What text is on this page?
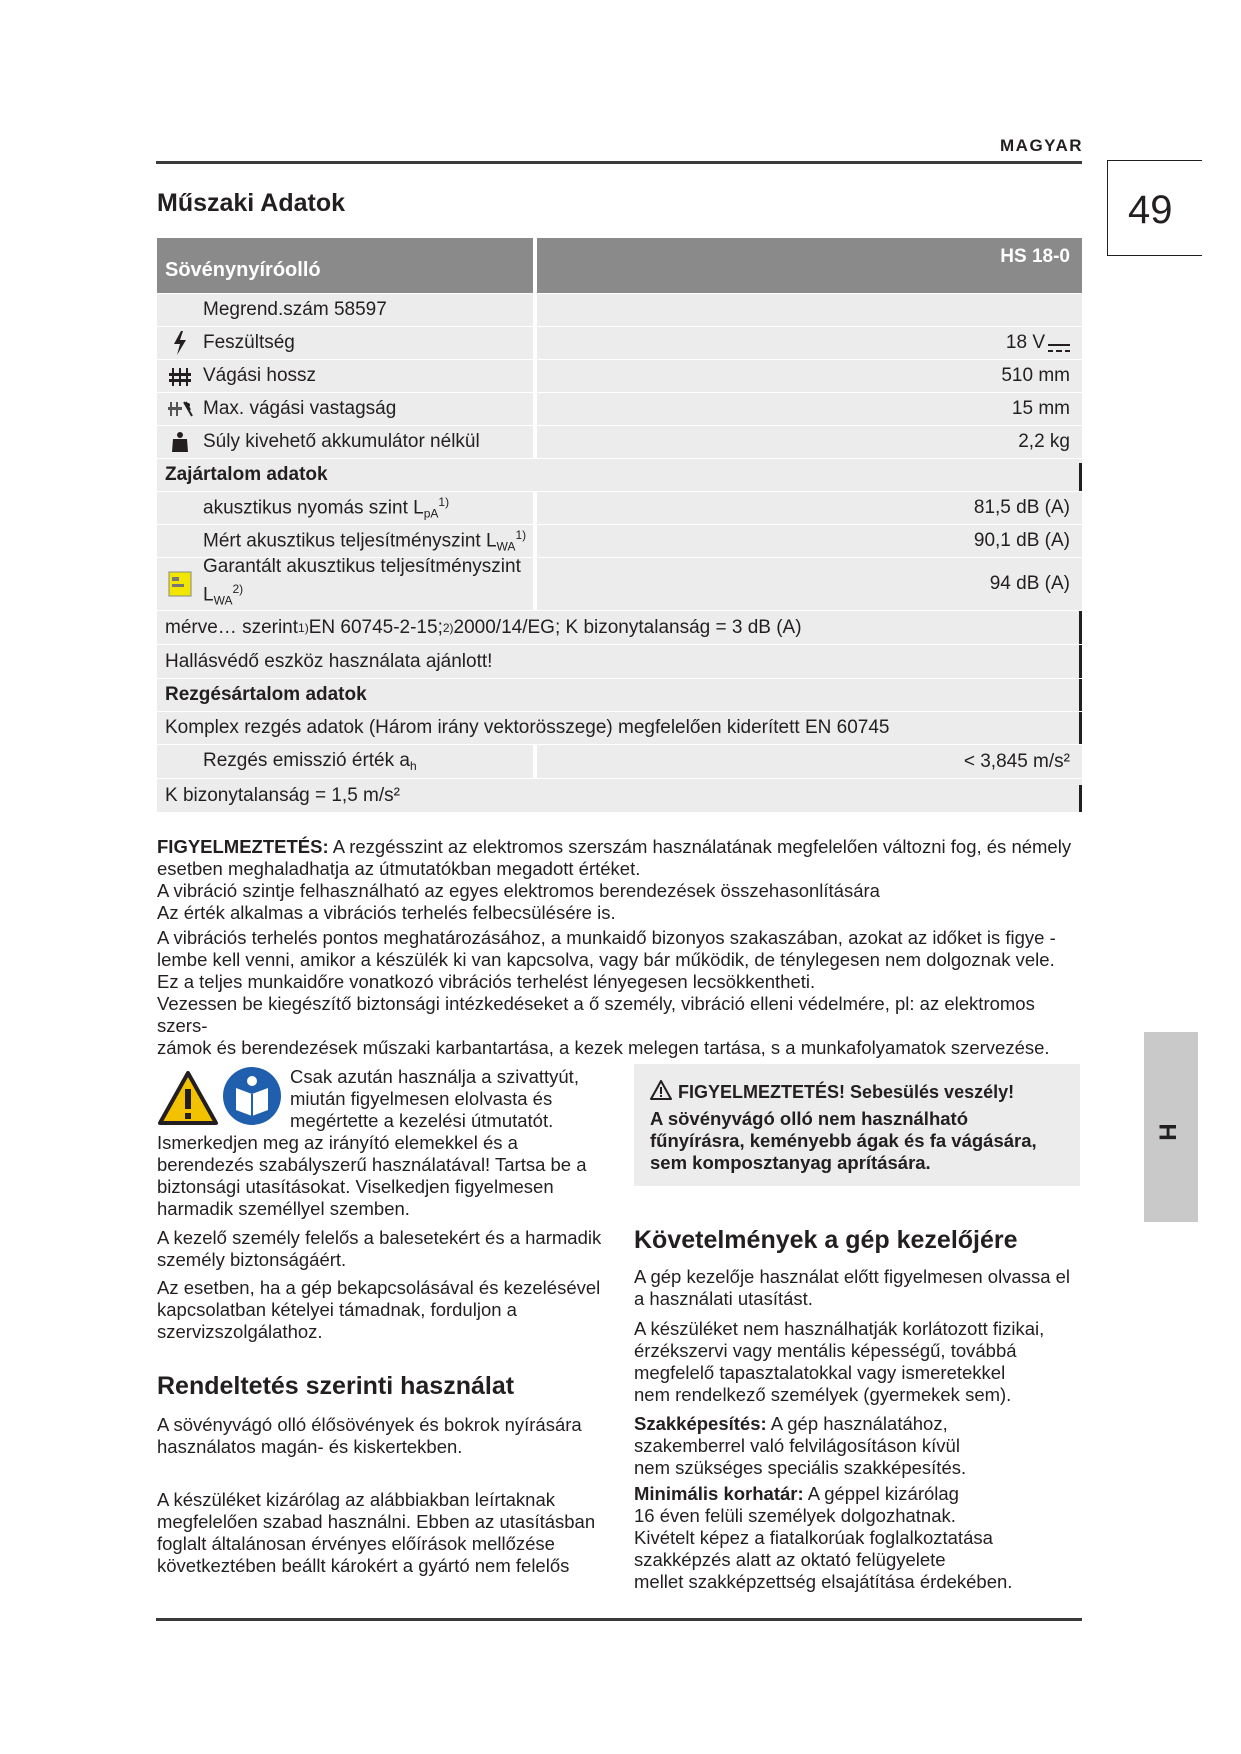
MAGYAR
49
Műszaki Adatok
Sövénynyíróolló
HS 18-0
Megrend.szám 58597
Feszültség	18 V
Vágási hossz	510 mm
Max. vágási vastagság	15 mm
Súly kivehető akkumulátor nélkül	2,2 kg
Zajártalom adatok
akusztikus nyomás szint $L_{pA}^{1)}$	81,5 dB (A)
Mért akusztikus teljesítményszint $L_{WA}^{1)}$	90,1 dB (A)
Garantált akusztikus teljesítményszint
$L_{WA}^{2)}$	94 dB (A)
mérve… szerint 1) EN 60745-2-15; 2) 2000/14/EG; K bizonytalanság = 3 dB (A)
Hallásvédő eszköz használata ajánlott!
Rezgésártalom adatok
Komplex rezgés adatok (Három irány vektorösszege) megfelelően kiderített EN 60745
Rezgés emisszió érték $a_h$	< 3,845 m/s²
K bizonytalanság = 1,5 m/s²
FIGYELMEZTETÉS: A rezgésszint az elektromos szerszám használatának megfelelően változni fog, és némely
esetben meghaladhatja az útmutatókban megadott értéket.
A vibráció szintje felhasználható az egyes elektromos berendezések összehasonlítására
Az érték alkalmas a vibrációs terhelés felbecsülésére is.
A vibrációs terhelés pontos meghatározásához, a munkaidő bizonyos szakaszában, azokat az időket is figye -
lembe kell venni, amikor a készülék ki van kapcsolva, vagy bár működik, de ténylegesen nem dolgoznak vele.
Ez a teljes munkaidőre vonatkozó vibrációs terhelést lényegesen lecsökkentheti.
Vezessen be kiegészítő biztonsági intézkedéseket a ő személy, vibráció elleni védelmére, pl: az elektromos szers-
zámok és berendezések műszaki karbantartása, a kezek melegen tartása, s a munkafolyamatok szervezése.
Csak azután használja a szivattyút,
miután figyelmesen elolvasta és
megértette a kezelési útmutatót.
Ismerkedjen meg az irányító elemekkel és a
berendezés szabályszerű használatával! Tartsa be a
biztonsági utasításokat. Viselkedjen figyelmesen
harmadik személlyel szemben.
A kezelő személy felelős a balesetekért és a harmadik
személy biztonságáért.
Az esetben, ha a gép bekapcsolásával és kezelésével
kapcsolatban kételyei támadnak, forduljon a
szervizszolgálathoz.
Rendeltetés szerinti használat
A sövényvágó olló élősövények és bokrok nyírására
használatos magán- és kiskertekben.
A készüléket kizárólag az alábbiakban leírtaknak
megfelelően szabad használni. Ebben az utasításban
foglalt általánosan érvényes előírások mellőzése
következtében beállt károkért a gyártó nem felelős
FIGYELMEZTETÉS! Sebesülés veszély!
A sövényvágó olló nem használható
fűnyírásra, keményebb ágak és fa vágására,
sem komposztanyag aprítására.
Követelmények a gép kezelőjére
A gép kezelője használat előtt figyelmesen olvassa el
a használati utasítást.
A készüléket nem használhatják korlátozott fizikai,
érzékszervi vagy mentális képességű, továbbá
megfelelő tapasztalatokkal vagy ismeretekkel
nem rendelkező személyek (gyermekek sem).
Szakképesítés: A gép használatához,
szakemberrel való felvilágosításon kívül
nem szükséges speciális szakképesítés.
Minimális korhatár: A géppel kizárólag
16 éven felüli személyek dolgozhatnak.
Kivételt képez a fiatalkorúak foglalkoztatása
szakképzés alatt az oktató felügyelete
mellet szakképzettség elsajátítása érdekében.
H
